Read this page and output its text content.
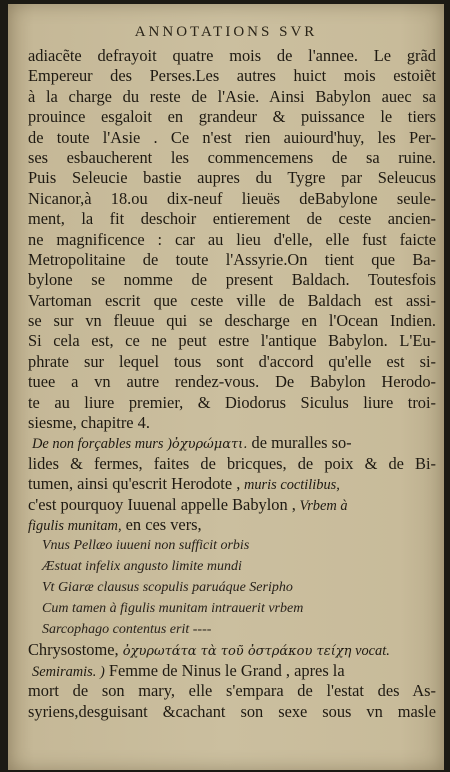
ANNOTATIONS SVR
adiacẽte defrayoit quatre mois de l'annee. Le grãd
Empereur des Perses.Les autres huict mois estoiẽt
à la charge du reste de l'Asie. Ainsi Babylon auec sa
prouince esgaloit en grandeur & puissance le tiers
de toute l'Asie . Ce n'est rien auiourd'huy, les Per-
ses esbaucherent les commencemens de sa ruine.
Puis Seleucie bastie aupres du Tygre par Seleucus
Nicanor,à 18.ou dix-neuf lieuës deBabylone seule-
ment, la fit deschoir entierement de ceste ancien-
ne magnificence : car au lieu d'elle, elle fust faicte
Metropolitaine de toute l'Assyrie.On tient que Ba-
bylone se nomme de present Baldach. Toutesfois
Vartoman escrit que ceste ville de Baldach est assi-
se sur vn fleuue qui se descharge en l'Ocean Indien.
Si cela est, ce ne peut estre l'antique Babylon. L'Eu-
phrate sur lequel tous sont d'accord qu'elle est si-
tuee a vn autre rendez-vous. De Babylon Herodo-
te au liure premier, & Diodorus Siculus liure troi-
siesme, chapitre 4.
De non forçables murs )ὀχυρώματι. de muralles so-
lides & fermes, faites de bricques, de poix & de Bi-
tumen, ainsi qu'escrit Herodote , muris coctilibus,
c'est pourquoy Iuuenal appelle Babylon , Vrbem à
figulis munitam, en ces vers,
Vnus Pellæo iuueni non sufficit orbis
Æstuat infelix angusto limite mundi
Vt Giaræ clausus scopulis paruáque Seripho
Cum tamen à figulis munitam intrauerit vrbem
Sarcophago contentus erit ----
Chrysostome, ὀχυρωτάτα τὰ τοῦ ὀστράκου τείχη vocat.
Semiramis. ) Femme de Ninus le Grand , apres la
mort de son mary, elle s'empara de l'estat des As-
syriens,desguisant &cachant son sexe sous vn masle
